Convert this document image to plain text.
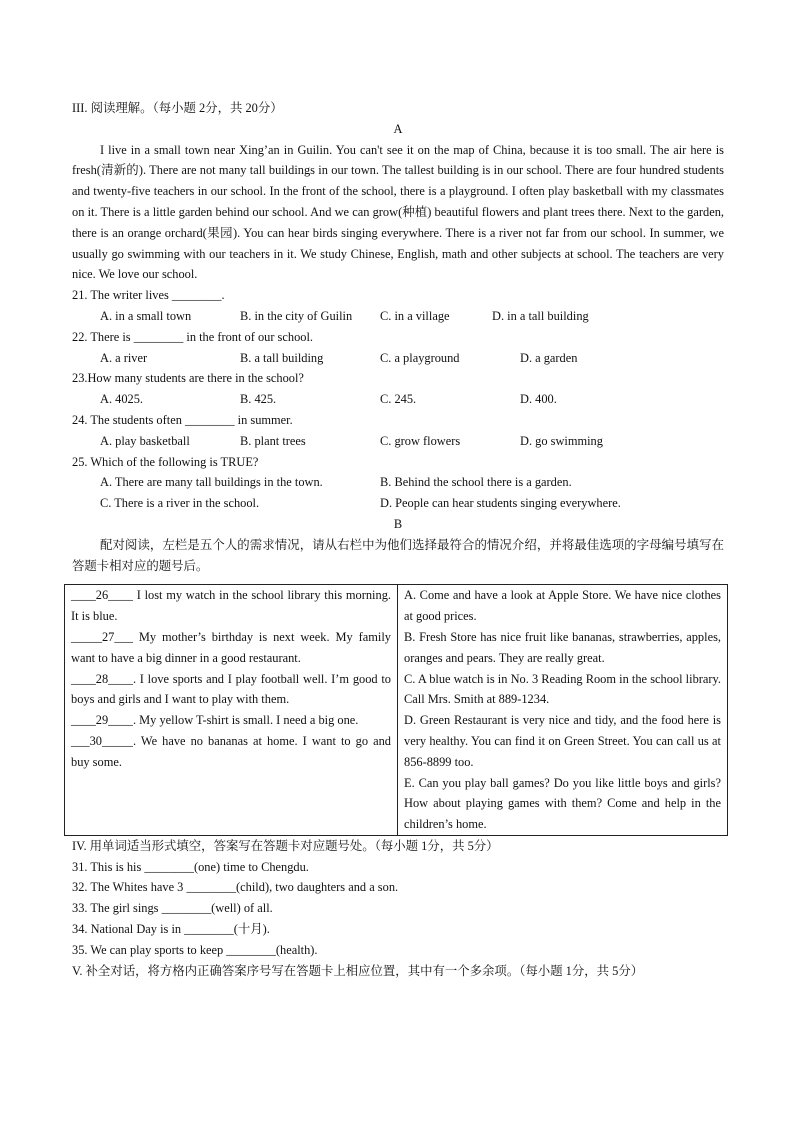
III. 阅读理解。（每小题 2分，共 20分）
A

I live in a small town near Xing’an in Guilin. You can't see it on the map of China, because it is too small. The air here is fresh(清新的). There are not many tall buildings in our town. The tallest building is in our school. There are four hundred students and twenty-five teachers in our school. In the front of the school, there is a playground. I often play basketball with my classmates on it. There is a little garden behind our school. And we can grow(种植) beautiful flowers and plant trees there. Next to the garden, there is an orange orchard(果园). You can hear birds singing everywhere. There is a river not far from our school. In summer, we usually go swimming with our teachers in it. We study Chinese, English, math and other subjects at school. The teachers are very nice. We love our school.

21. The writer lives ________.
A. in a small town	B. in the city of Guilin	C. in a village	D. in a tall building
22. There is ________ in the front of our school.
A. a river	B. a tall building	C. a playground	D. a garden
23.How many students are there in the school?
A. 4025.	B. 425.	C. 245.	D. 400.
24. The students often ________ in summer.
A. play basketball	B. plant trees	C. grow flowers	D. go swimming
25. Which of the following is TRUE?
A. There are many tall buildings in the town.	B. Behind the school there is a garden.
C. There is a river in the school.	D. People can hear students singing everywhere.
B

配对阅读，左栏是五个人的需求情况，请从右栏中为他们选择最符合的情况介绍，并将最佳选项的字母编号填写在答题卡相对应的题号后。

____26____ I lost my watch in the school library this morning. It is blue.

_____27___ My mother’s birthday is next week. My family want to have a big dinner in a good restaurant.

____28____. I love sports and I play football well. I’m good to boys and girls and I want to play with them.

____29____. My yellow T-shirt is small. I need a big one.

___30_____. We have no bananas at home. I want to go and buy some.

A. Come and have a look at Apple Store. We have nice clothes at good prices.

B. Fresh Store has nice fruit like bananas, strawberries, apples, oranges and pears. They are really great.

C. A blue watch is in No. 3 Reading Room in the school library. Call Mrs. Smith at 889-1234.

D. Green Restaurant is very nice and tidy, and the food here is very healthy. You can find it on Green Street. You can call us at 856-8899 too.

E. Can you play ball games? Do you like little boys and girls? How about playing games with them? Come and help in the children’s home.

IV. 用单词适当形式填空，答案写在答题卡对应题号处。（每小题 1分，共 5分）
31. This is his ________(one) time to Chengdu.
32. The Whites have 3 ________(child), two daughters and a son.
33. The girl sings ________(well) of all.
34. National Day is in ________(十月).
35. We can play sports to keep ________(health).
V. 补全对话，将方格内正确答案序号写在答题卡上相应位置，其中有一个多余项。（每小题 1分，共 5分）
